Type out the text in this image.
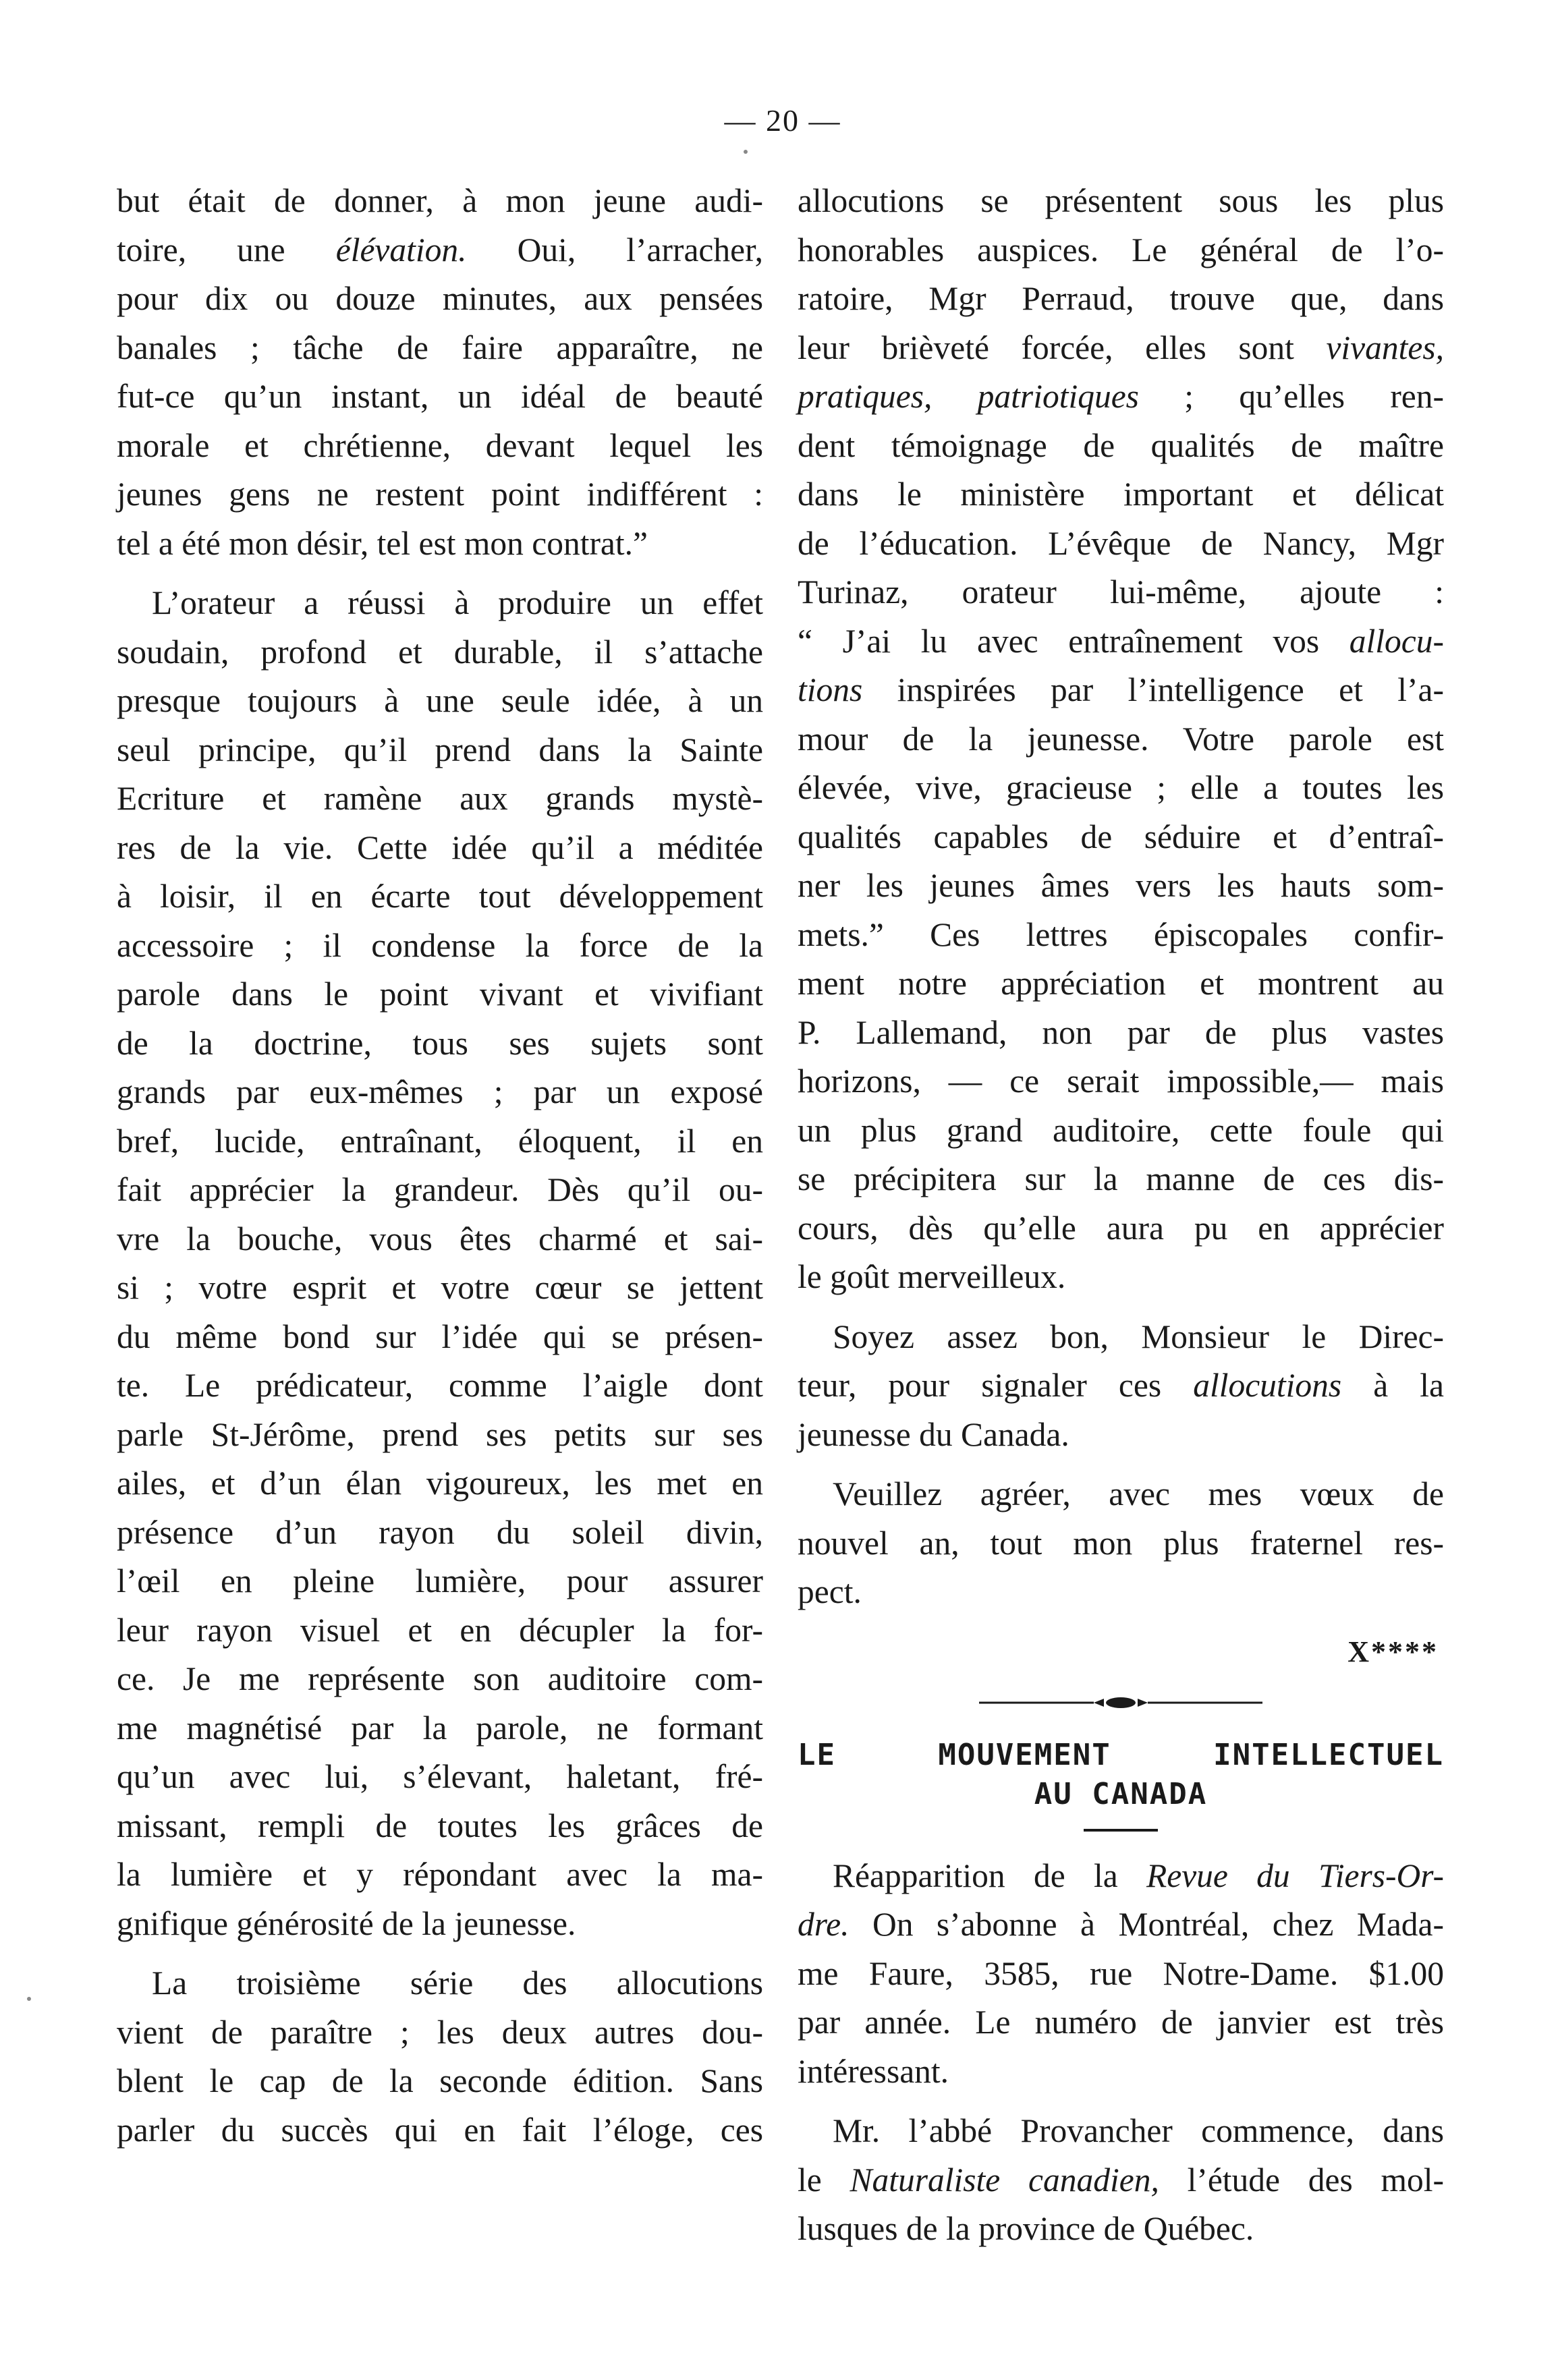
— 20 —
but était de donner, à mon jeune audi-
toire, une élévation. Oui, l’arracher,
pour dix ou douze minutes, aux pensées
banales ; tâche de faire apparaître, ne
fut-ce qu’un instant, un idéal de beauté
morale et chrétienne, devant lequel les
jeunes gens ne restent point indifférent :
tel a été mon désir, tel est mon contrat.”
L’orateur a réussi à produire un effet
soudain, profond et durable, il s’attache
presque toujours à une seule idée, à un
seul principe, qu’il prend dans la Sainte
Ecriture et ramène aux grands mystè-
res de la vie. Cette idée qu’il a méditée
à loisir, il en écarte tout développement
accessoire ; il condense la force de la
parole dans le point vivant et vivifiant
de la doctrine, tous ses sujets sont
grands par eux-mêmes ; par un exposé
bref, lucide, entraînant, éloquent, il en
fait apprécier la grandeur. Dès qu’il ou-
vre la bouche, vous êtes charmé et sai-
si ; votre esprit et votre cœur se jettent
du même bond sur l’idée qui se présen-
te. Le prédicateur, comme l’aigle dont
parle St-Jérôme, prend ses petits sur ses
ailes, et d’un élan vigoureux, les met en
présence d’un rayon du soleil divin,
l’œil en pleine lumière, pour assurer
leur rayon visuel et en décupler la for-
ce. Je me représente son auditoire com-
me magnétisé par la parole, ne formant
qu’un avec lui, s’élevant, haletant, fré-
missant, rempli de toutes les grâces de
la lumière et y répondant avec la ma-
gnifique générosité de la jeunesse.
La troisième série des allocutions
vient de paraître ; les deux autres dou-
blent le cap de la seconde édition. Sans
parler du succès qui en fait l’éloge, ces
allocutions se présentent sous les plus
honorables auspices. Le général de l’o-
ratoire, Mgr Perraud, trouve que, dans
leur brièveté forcée, elles sont vivantes,
pratiques, patriotiques ; qu’elles ren-
dent témoignage de qualités de maître
dans le ministère important et délicat
de l’éducation. L’évêque de Nancy, Mgr
Turinaz, orateur lui-même, ajoute :
“ J’ai lu avec entraînement vos allocu-
tions inspirées par l’intelligence et l’a-
mour de la jeunesse. Votre parole est
élevée, vive, gracieuse ; elle a toutes les
qualités capables de séduire et d’entraî-
ner les jeunes âmes vers les hauts som-
mets.” Ces lettres épiscopales confir-
ment notre appréciation et montrent au
P. Lallemand, non par de plus vastes
horizons, — ce serait impossible,— mais
un plus grand auditoire, cette foule qui
se précipitera sur la manne de ces dis-
cours, dès qu’elle aura pu en apprécier
le goût merveilleux.
Soyez assez bon, Monsieur le Direc-
teur, pour signaler ces allocutions à la
jeunesse du Canada.
Veuillez agréer, avec mes vœux de
nouvel an, tout mon plus fraternel res-
pect.
X****
LE MOUVEMENT INTELLECTUEL
AU CANADA
Réapparition de la Revue du Tiers-Or-
dre. On s’abonne à Montréal, chez Mada-
me Faure, 3585, rue Notre-Dame. $1.00
par année. Le numéro de janvier est très
intéressant.
Mr. l’abbé Provancher commence, dans
le Naturaliste canadien, l’étude des mol-
lusques de la province de Québec.
